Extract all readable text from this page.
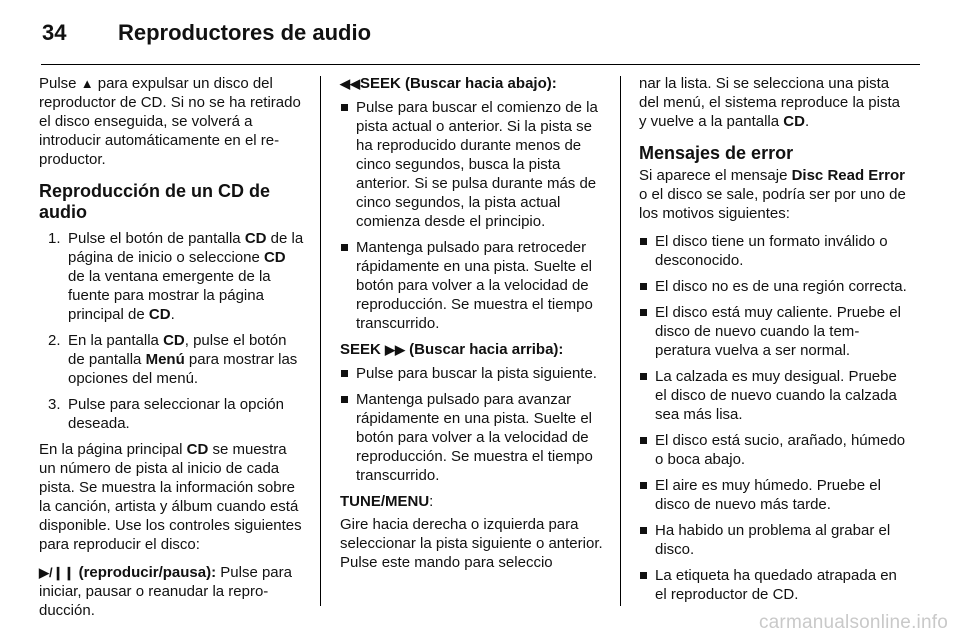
34 Reproductores de audio

Pulse ▲ para expulsar un disco del reproductor de CD. Si no se ha retirado el disco enseguida, se volverá a introducir automáticamente en el reproductor.

Reproducción de un CD de audio
1. Pulse el botón de pantalla CD de la página de inicio o seleccione CD de la ventana emergente de la fuente para mostrar la página principal de CD.
2. En la pantalla CD, pulse el botón de pantalla Menú para mostrar las opciones del menú.
3. Pulse para seleccionar la opción deseada.

En la página principal CD se muestra un número de pista al inicio de cada pista. Se muestra la información sobre la canción, artista y álbum cuando está disponible. Use los controles siguientes para reproducir el disco:

▶/❙❙ (reproducir/pausa): Pulse para iniciar, pausar o reanudar la reproducción.

◀◀SEEK (Buscar hacia abajo):
Pulse para buscar el comienzo de la pista actual o anterior. Si la pista se ha reproducido durante menos de cinco segundos, busca la pista anterior. Si se pulsa durante más de cinco segundos, la pista actual comienza desde el principio.
Mantenga pulsado para retroceder rápidamente en una pista. Suelte el botón para volver a la velocidad de reproducción. Se muestra el tiempo transcurrido.
SEEK ▶▶ (Buscar hacia arriba):
Pulse para buscar la pista siguiente.
Mantenga pulsado para avanzar rápidamente en una pista. Suelte el botón para volver a la velocidad de reproducción. Se muestra el tiempo transcurrido.

TUNE/MENU:

Gire hacia derecha o izquierda para seleccionar la pista siguiente o anterior. Pulse este mando para seleccio

nar la lista. Si se selecciona una pista del menú, el sistema reproduce la pista y vuelve a la pantalla CD.

Mensajes de error

Si aparece el mensaje Disc Read Error o el disco se sale, podría ser por uno de los motivos siguientes:

El disco tiene un formato inválido o desconocido.
El disco no es de una región correcta.
El disco está muy caliente. Pruebe el disco de nuevo cuando la temperatura vuelva a ser normal.
La calzada es muy desigual. Pruebe el disco de nuevo cuando la calzada sea más lisa.
El disco está sucio, arañado, húmedo o boca abajo.
El aire es muy húmedo. Pruebe el disco de nuevo más tarde.
Ha habido un problema al grabar el disco.
La etiqueta ha quedado atrapada en el reproductor de CD.
carmanualsonline.info
